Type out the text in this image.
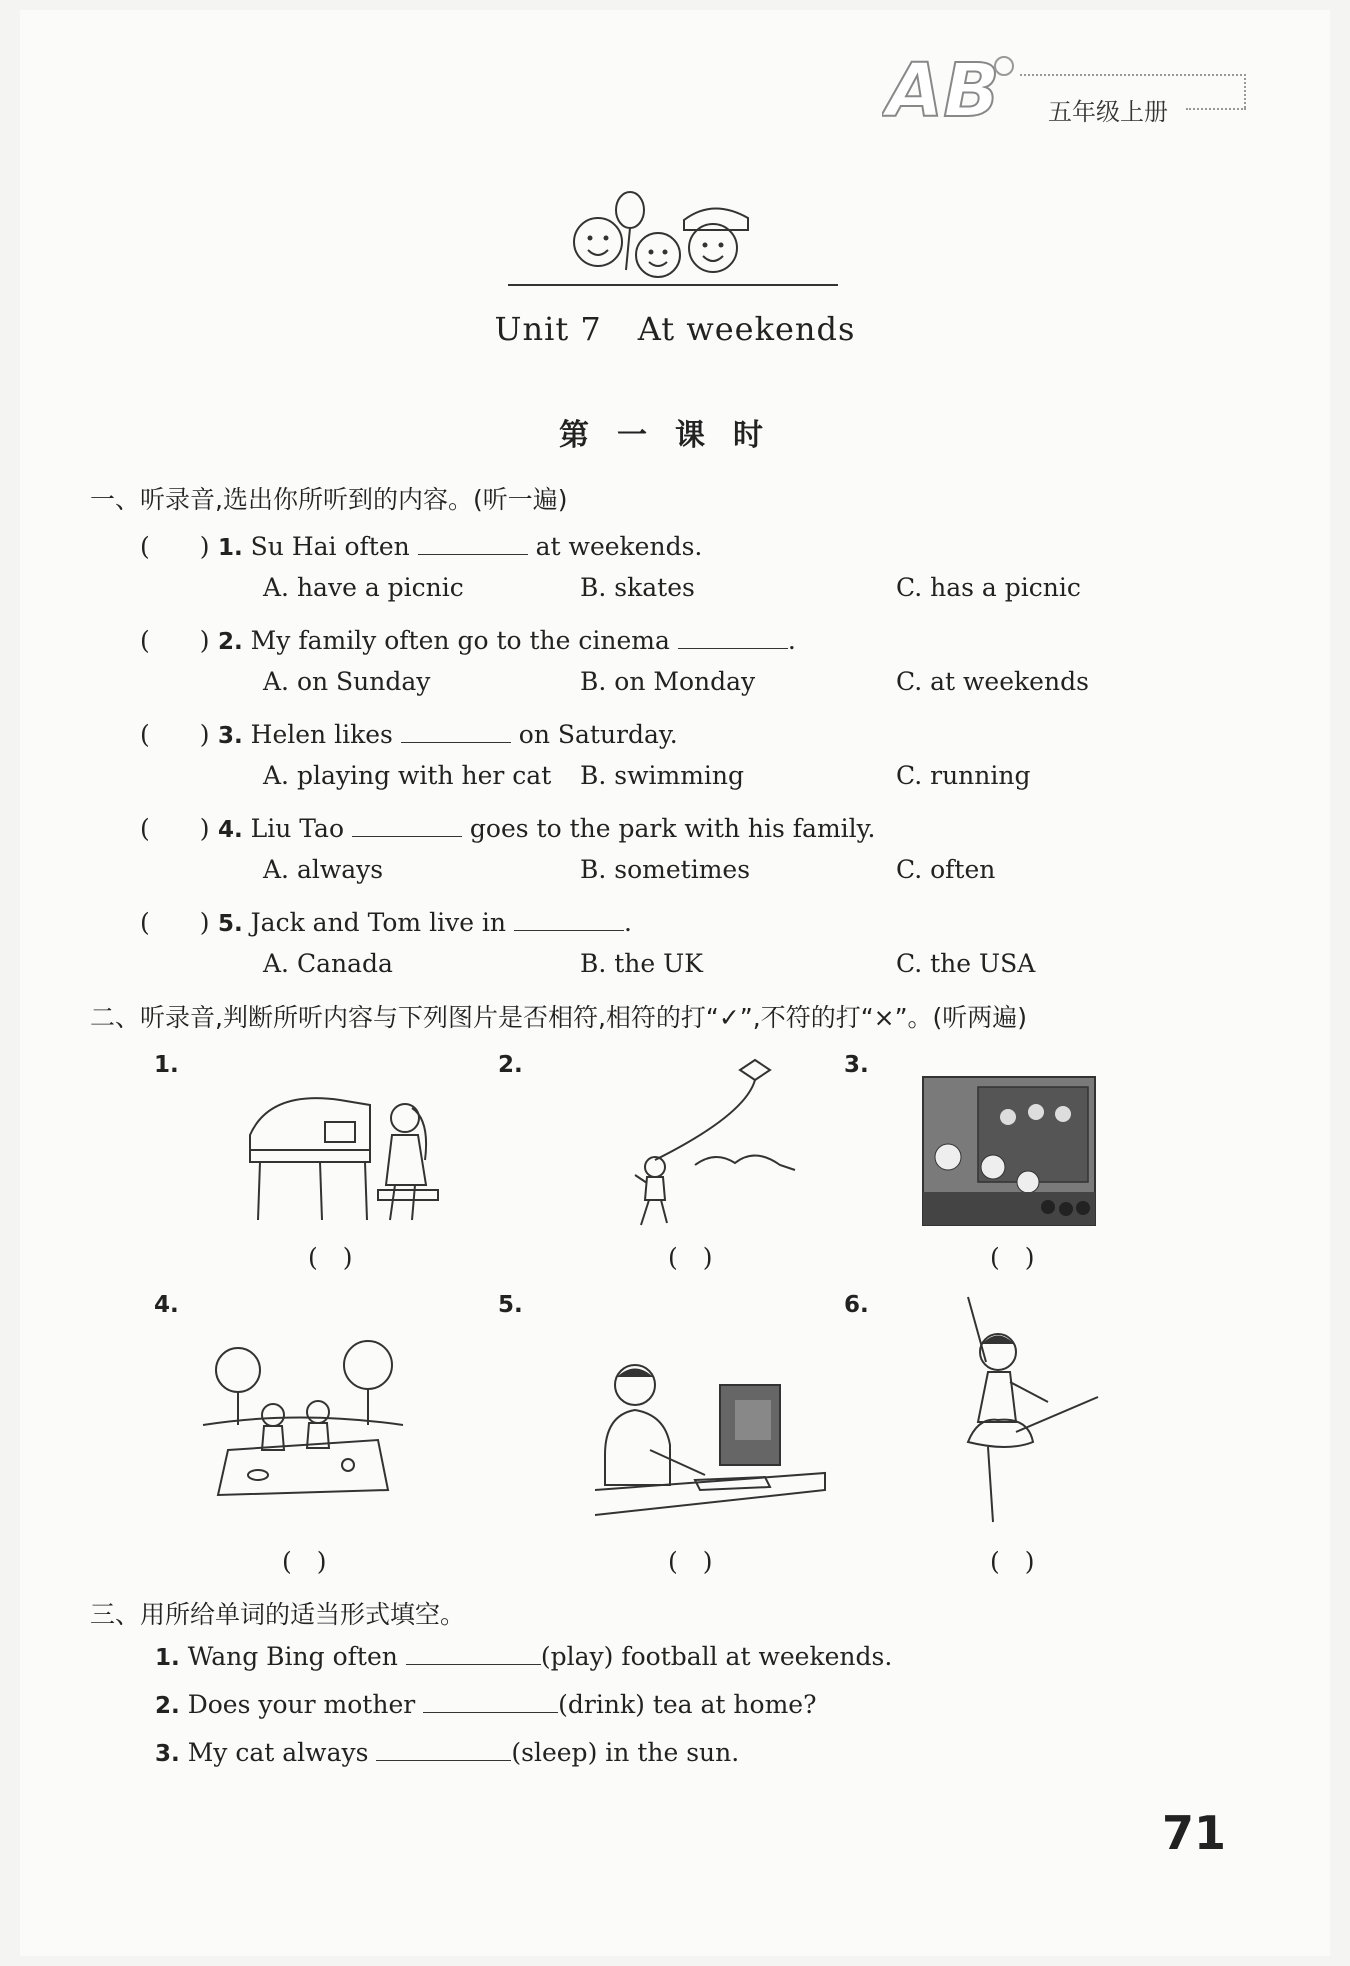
AB 五年级上册
Unit 7 At weekends
第一课时
一、听录音,选出你所听到的内容。(听一遍)
(　　) 1. Su Hai often	at weekends.
A. have a picnic	B. skates	C. has a picnic
(　　) 2. My family often go to the cinema	.
A. on Sunday	B. on Monday	C. at weekends
(　　) 3. Helen likes	on Saturday.
A. playing with her cat B. swimming	C. running
(　　) 4. Liu Tao	goes to the park with his family.
A. always	B. sometimes	C. often
(　　) 5. Jack and Tom live in	.
A. Canada	B. the UK	C. the USA
二、听录音,判断所听内容与下列图片是否相符,相符的打“✓”,不符的打“×”。(听两遍)
1.	2.	3.
(　)	(　)	(　)
4.	5.	6.
(　)	(　)	(　)
三、用所给单词的适当形式填空。
1. Wang Bing often	(play) football at weekends.
2. Does your mother	(drink) tea at home?
3. My cat always	(sleep) in the sun.
71
